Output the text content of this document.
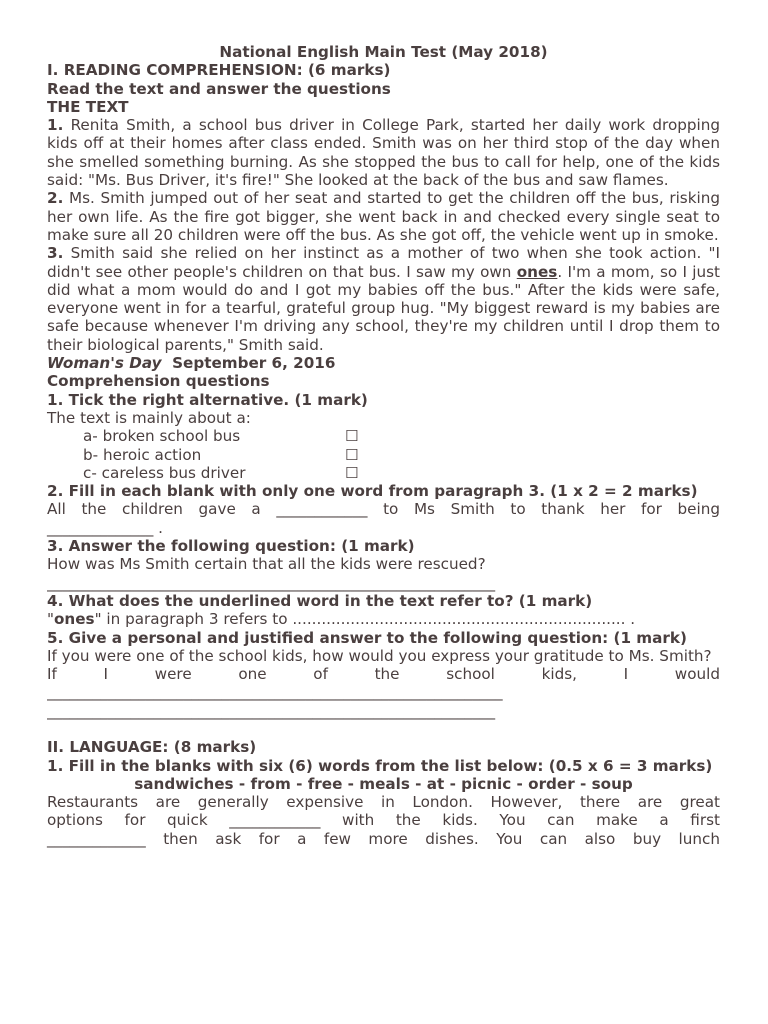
National English Main Test (May 2018)

I. READING COMPREHENSION: (6 marks)

Read the text and answer the questions

THE TEXT

1. Renita Smith, a school bus driver in College Park, started her daily work dropping kids off at their homes after class ended. Smith was on her third stop of the day when she smelled something burning. As she stopped the bus to call for help, one of the kids said: "Ms. Bus Driver, it's fire!" She looked at the back of the bus and saw flames.

2. Ms. Smith jumped out of her seat and started to get the children off the bus, risking her own life. As the fire got bigger, she went back in and checked every single seat to make sure all 20 children were off the bus. As she got off, the vehicle went up in smoke.

3. Smith said she relied on her instinct as a mother of two when she took action. "I didn't see other people's children on that bus. I saw my own ones. I'm a mom, so I just did what a mom would do and I got my babies off the bus." After the kids were safe, everyone went in for a tearful, grateful group hug. "My biggest reward is my babies are safe because whenever I'm driving any school, they're my children until I drop them to their biological parents," Smith said.

Woman's Day  September 6, 2016

Comprehension questions

1. Tick the right alternative. (1 mark)

The text is mainly about a:

a- broken school bus	☐
b- heroic action	☐
c- careless bus driver	☐

2. Fill in each blank with only one word from paragraph 3. (1 x 2 = 2 marks)

All the children gave a ____________ to Ms Smith to thank her for being

______________ .

3. Answer the following question: (1 mark)

How was Ms Smith certain that all the kids were rescued?

___________________________________________________________

4. What does the underlined word in the text refer to? (1 mark)

"ones" in paragraph 3 refers to ..................................................................... .

5. Give a personal and justified answer to the following question: (1 mark)

If you were one of the school kids, how would you express your gratitude to Ms. Smith?

If I were one of the school kids, I would

____________________________________________________________

___________________________________________________________

II. LANGUAGE: (8 marks)

1. Fill in the blanks with six (6) words from the list below: (0.5 x 6 = 3 marks)

sandwiches - from - free - meals - at - picnic - order - soup

Restaurants are generally expensive in London. However, there are great

options for quick ____________ with the kids. You can make a first

_____________ then ask for a few more dishes. You can also buy lunch
